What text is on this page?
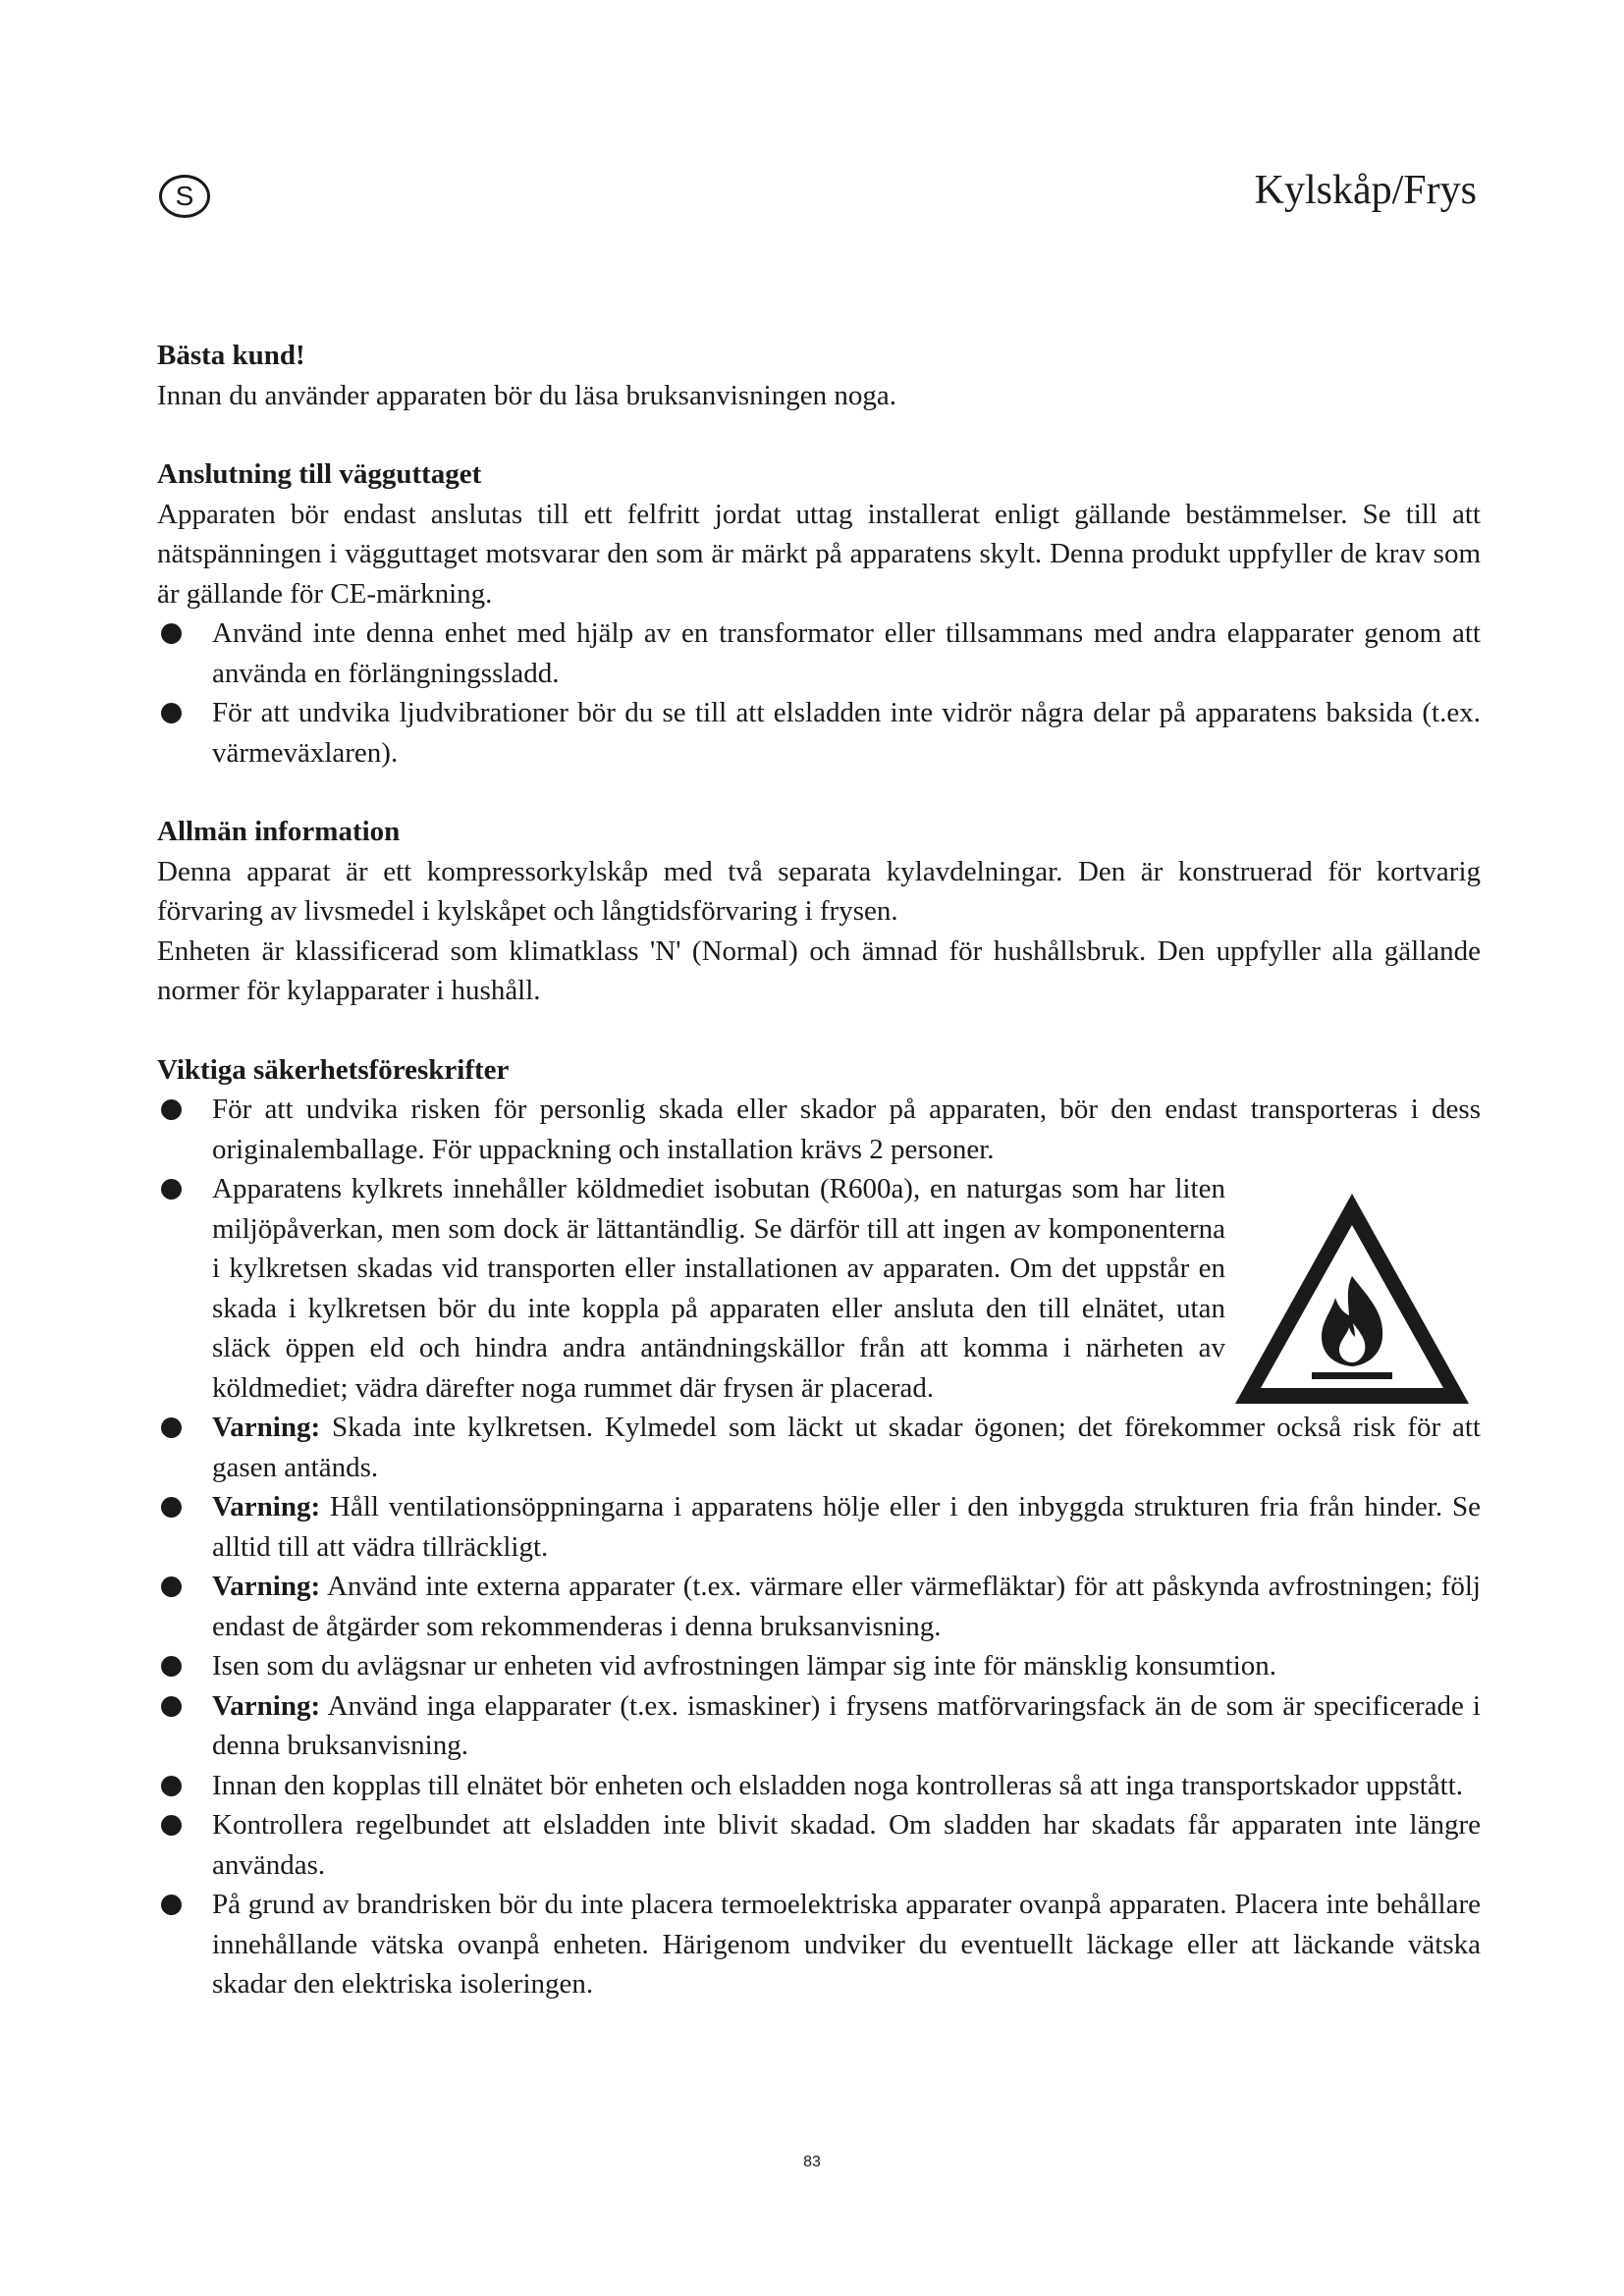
S	Kylskåp/Frys

Bästa kund!

Innan du använder apparaten bör du läsa bruksanvisningen noga.

Anslutning till vägguttaget

Apparaten bör endast anslutas till ett felfritt jordat uttag installerat enligt gällande bestämmelser. Se till att nätspänningen i vägguttaget motsvarar den som är märkt på apparatens skylt. Denna produkt uppfyller de krav som är gällande för CE-märkning.

Använd inte denna enhet med hjälp av en transformator eller tillsammans med andra elapparater genom att använda en förlängningssladd.
För att undvika ljudvibrationer bör du se till att elsladden inte vidrör några delar på apparatens baksida (t.ex. värmeväxlaren).

Allmän information

Denna apparat är ett kompressorkylskåp med två separata kylavdelningar. Den är konstruerad för kortvarig förvaring av livsmedel i kylskåpet och långtidsförvaring i frysen.

Enheten är klassificerad som klimatklass 'N' (Normal) och ämnad för hushållsbruk. Den uppfyller alla gällande normer för kylapparater i hushåll.

Viktiga säkerhetsföreskrifter

För att undvika risken för personlig skada eller skador på apparaten, bör den endast transporteras i dess originalemballage. För uppackning och installation krävs 2 personer.
Apparatens kylkrets innehåller köldmediet isobutan (R600a), en naturgas som har liten miljöpåverkan, men som dock är lättantändlig. Se därför till att ingen av komponenterna i kylkretsen skadas vid transporten eller installationen av apparaten. Om det uppstår en skada i kylkretsen bör du inte koppla på apparaten eller ansluta den till elnätet, utan släck öppen eld och hindra andra antändningskällor från att komma i närheten av köldmediet; vädra därefter noga rummet där frysen är placerad.
Varning: Skada inte kylkretsen. Kylmedel som läckt ut skadar ögonen; det förekommer också risk för att gasen antänds.
Varning: Håll ventilationsöppningarna i apparatens hölje eller i den inbyggda strukturen fria från hinder. Se alltid till att vädra tillräckligt.
Varning: Använd inte externa apparater (t.ex. värmare eller värmefläktar) för att påskynda avfrostningen; följ endast de åtgärder som rekommenderas i denna bruksanvisning.
Isen som du avlägsnar ur enheten vid avfrostningen lämpar sig inte för mänsklig konsumtion.
Varning: Använd inga elapparater (t.ex. ismaskiner) i frysens matförvaringsfack än de som är specificerade i denna bruksanvisning.
Innan den kopplas till elnätet bör enheten och elsladden noga kontrolleras så att inga transportskador uppstått.
Kontrollera regelbundet att elsladden inte blivit skadad. Om sladden har skadats får apparaten inte längre användas.
På grund av brandrisken bör du inte placera termoelektriska apparater ovanpå apparaten. Placera inte behållare innehållande vätska ovanpå enheten. Härigenom undviker du eventuellt läckage eller att läckande vätska skadar den elektriska isoleringen.
83
